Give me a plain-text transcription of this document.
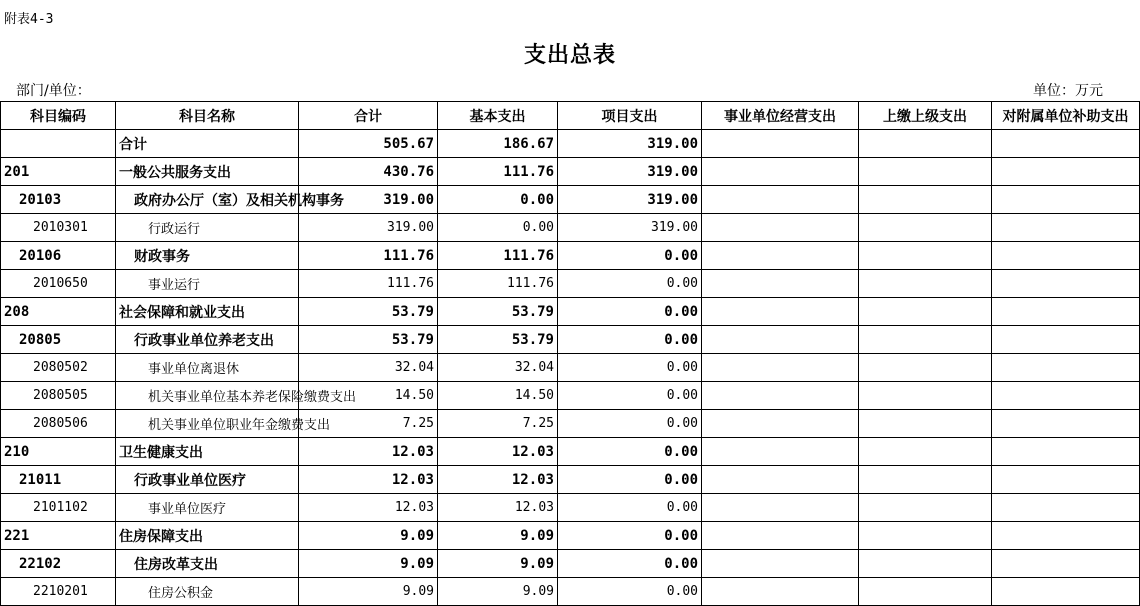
附表4-3
支出总表
部门/单位：	单位：万元
科目编码	科目名称	合计	基本支出	项目支出	事业单位经营支出	上缴上级支出	对附属单位补助支出
	合计	505.67	186.67	319.00			
201	一般公共服务支出	430.76	111.76	319.00			
20103	政府办公厅（室）及相关机构事务	319.00	0.00	319.00			
2010301	行政运行	319.00	0.00	319.00			
20106	财政事务	111.76	111.76	0.00			
2010650	事业运行	111.76	111.76	0.00			
208	社会保障和就业支出	53.79	53.79	0.00			
20805	行政事业单位养老支出	53.79	53.79	0.00			
2080502	事业单位离退休	32.04	32.04	0.00			
2080505	机关事业单位基本养老保险缴费支出	14.50	14.50	0.00			
2080506	机关事业单位职业年金缴费支出	7.25	7.25	0.00			
210	卫生健康支出	12.03	12.03	0.00			
21011	行政事业单位医疗	12.03	12.03	0.00			
2101102	事业单位医疗	12.03	12.03	0.00			
221	住房保障支出	9.09	9.09	0.00			
22102	住房改革支出	9.09	9.09	0.00			
2210201	住房公积金	9.09	9.09	0.00			
